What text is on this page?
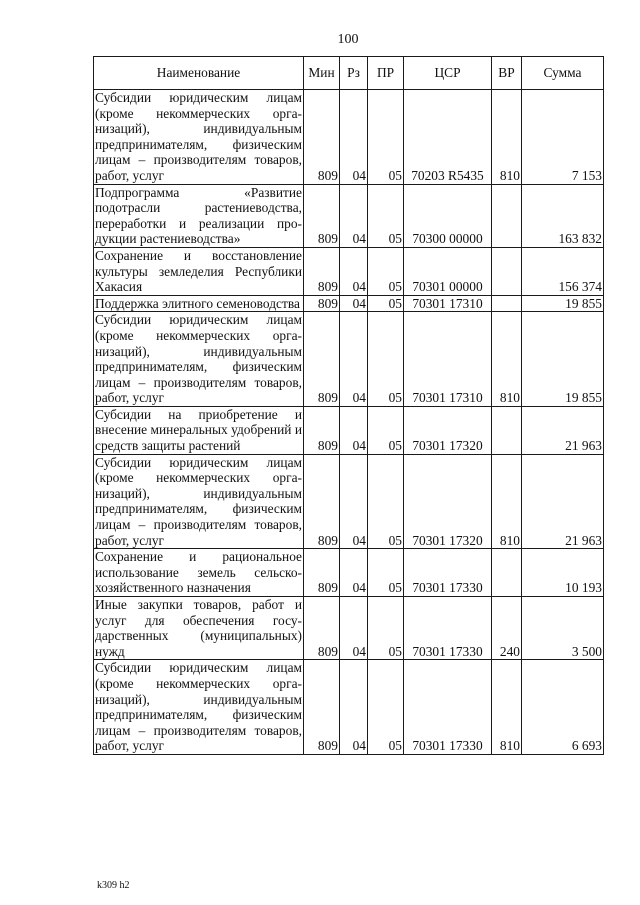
100
Наименование	Мин	Рз	ПР	ЦСР	ВР	Сумма
Субсидии юридическим лицам (кроме некоммерческих организаций), индивидуальным предпринимателям, физическим лицам – производителям товаров, работ, услуг	809	04	05	70203 R5435	810	7 153
Подпрограмма «Развитие подотрасли растениеводства, переработки и реализации продукции растениеводства»	809	04	05	70300 00000		163 832
Сохранение и восстановление культуры земледелия Республики Хакасия	809	04	05	70301 00000		156 374
Поддержка элитного семеноводства	809	04	05	70301 17310		19 855
Субсидии юридическим лицам (кроме некоммерческих организаций), индивидуальным предпринимателям, физическим лицам – производителям товаров, работ, услуг	809	04	05	70301 17310	810	19 855
Субсидии на приобретение и внесение минеральных удобрений и средств защиты растений	809	04	05	70301 17320		21 963
Субсидии юридическим лицам (кроме некоммерческих организаций), индивидуальным предпринимателям, физическим лицам – производителям товаров, работ, услуг	809	04	05	70301 17320	810	21 963
Сохранение и рациональное использование земель сельскохозяйственного назначения	809	04	05	70301 17330		10 193
Иные закупки товаров, работ и услуг для обеспечения государственных (муниципальных) нужд	809	04	05	70301 17330	240	3 500
Субсидии юридическим лицам (кроме некоммерческих организаций), индивидуальным предпринимателям, физическим лицам – производителям товаров, работ, услуг	809	04	05	70301 17330	810	6 693
k309 h2
